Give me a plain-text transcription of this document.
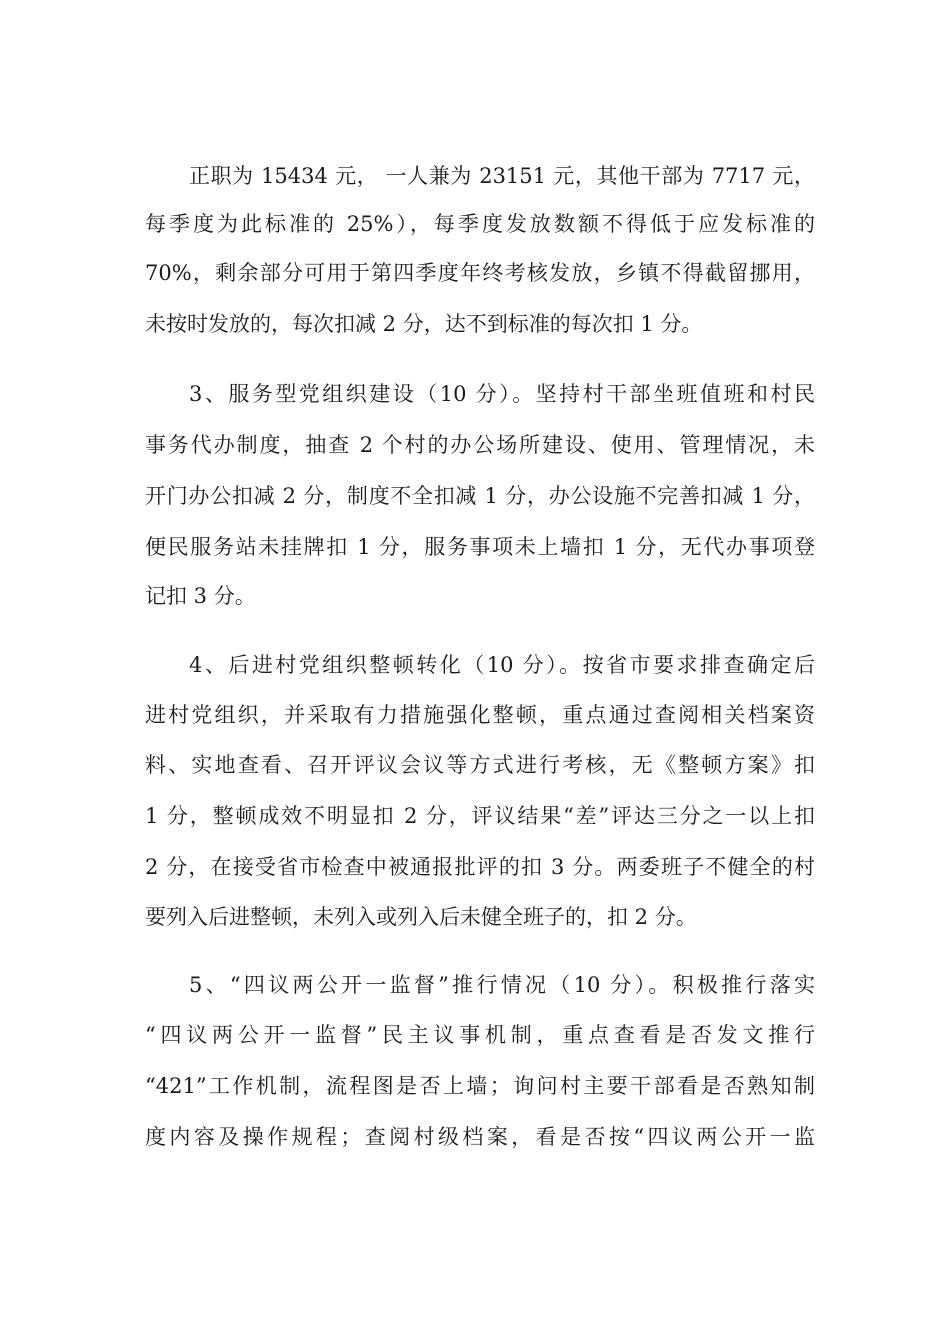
正职为 15434 元， 一人兼为 23151 元，其他干部为 7717 元，
每季度为此标准的 25%），每季度发放数额不得低于应发标准的
70%，剩余部分可用于第四季度年终考核发放，乡镇不得截留挪用，
未按时发放的，每次扣减 2 分，达不到标准的每次扣 1 分。
3、服务型党组织建设（10 分）。坚持村干部坐班值班和村民
事务代办制度，抽查 2 个村的办公场所建设、使用、管理情况，未
开门办公扣减 2 分，制度不全扣减 1 分，办公设施不完善扣减 1 分，
便民服务站未挂牌扣 1 分，服务事项未上墙扣 1 分，无代办事项登
记扣 3 分。
4、后进村党组织整顿转化（10 分）。按省市要求排查确定后
进村党组织，并采取有力措施强化整顿，重点通过查阅相关档案资
料、实地查看、召开评议会议等方式进行考核，无《整顿方案》扣
1 分，整顿成效不明显扣 2 分，评议结果“差”评达三分之一以上扣
2 分，在接受省市检查中被通报批评的扣 3 分。两委班子不健全的村
要列入后进整顿，未列入或列入后未健全班子的，扣 2 分。
5、“四议两公开一监督”推行情况（10 分）。积极推行落实
“四议两公开一监督”民主议事机制，重点查看是否发文推行
“421”工作机制，流程图是否上墙；询问村主要干部看是否熟知制
度内容及操作规程；查阅村级档案，看是否按“四议两公开一监
